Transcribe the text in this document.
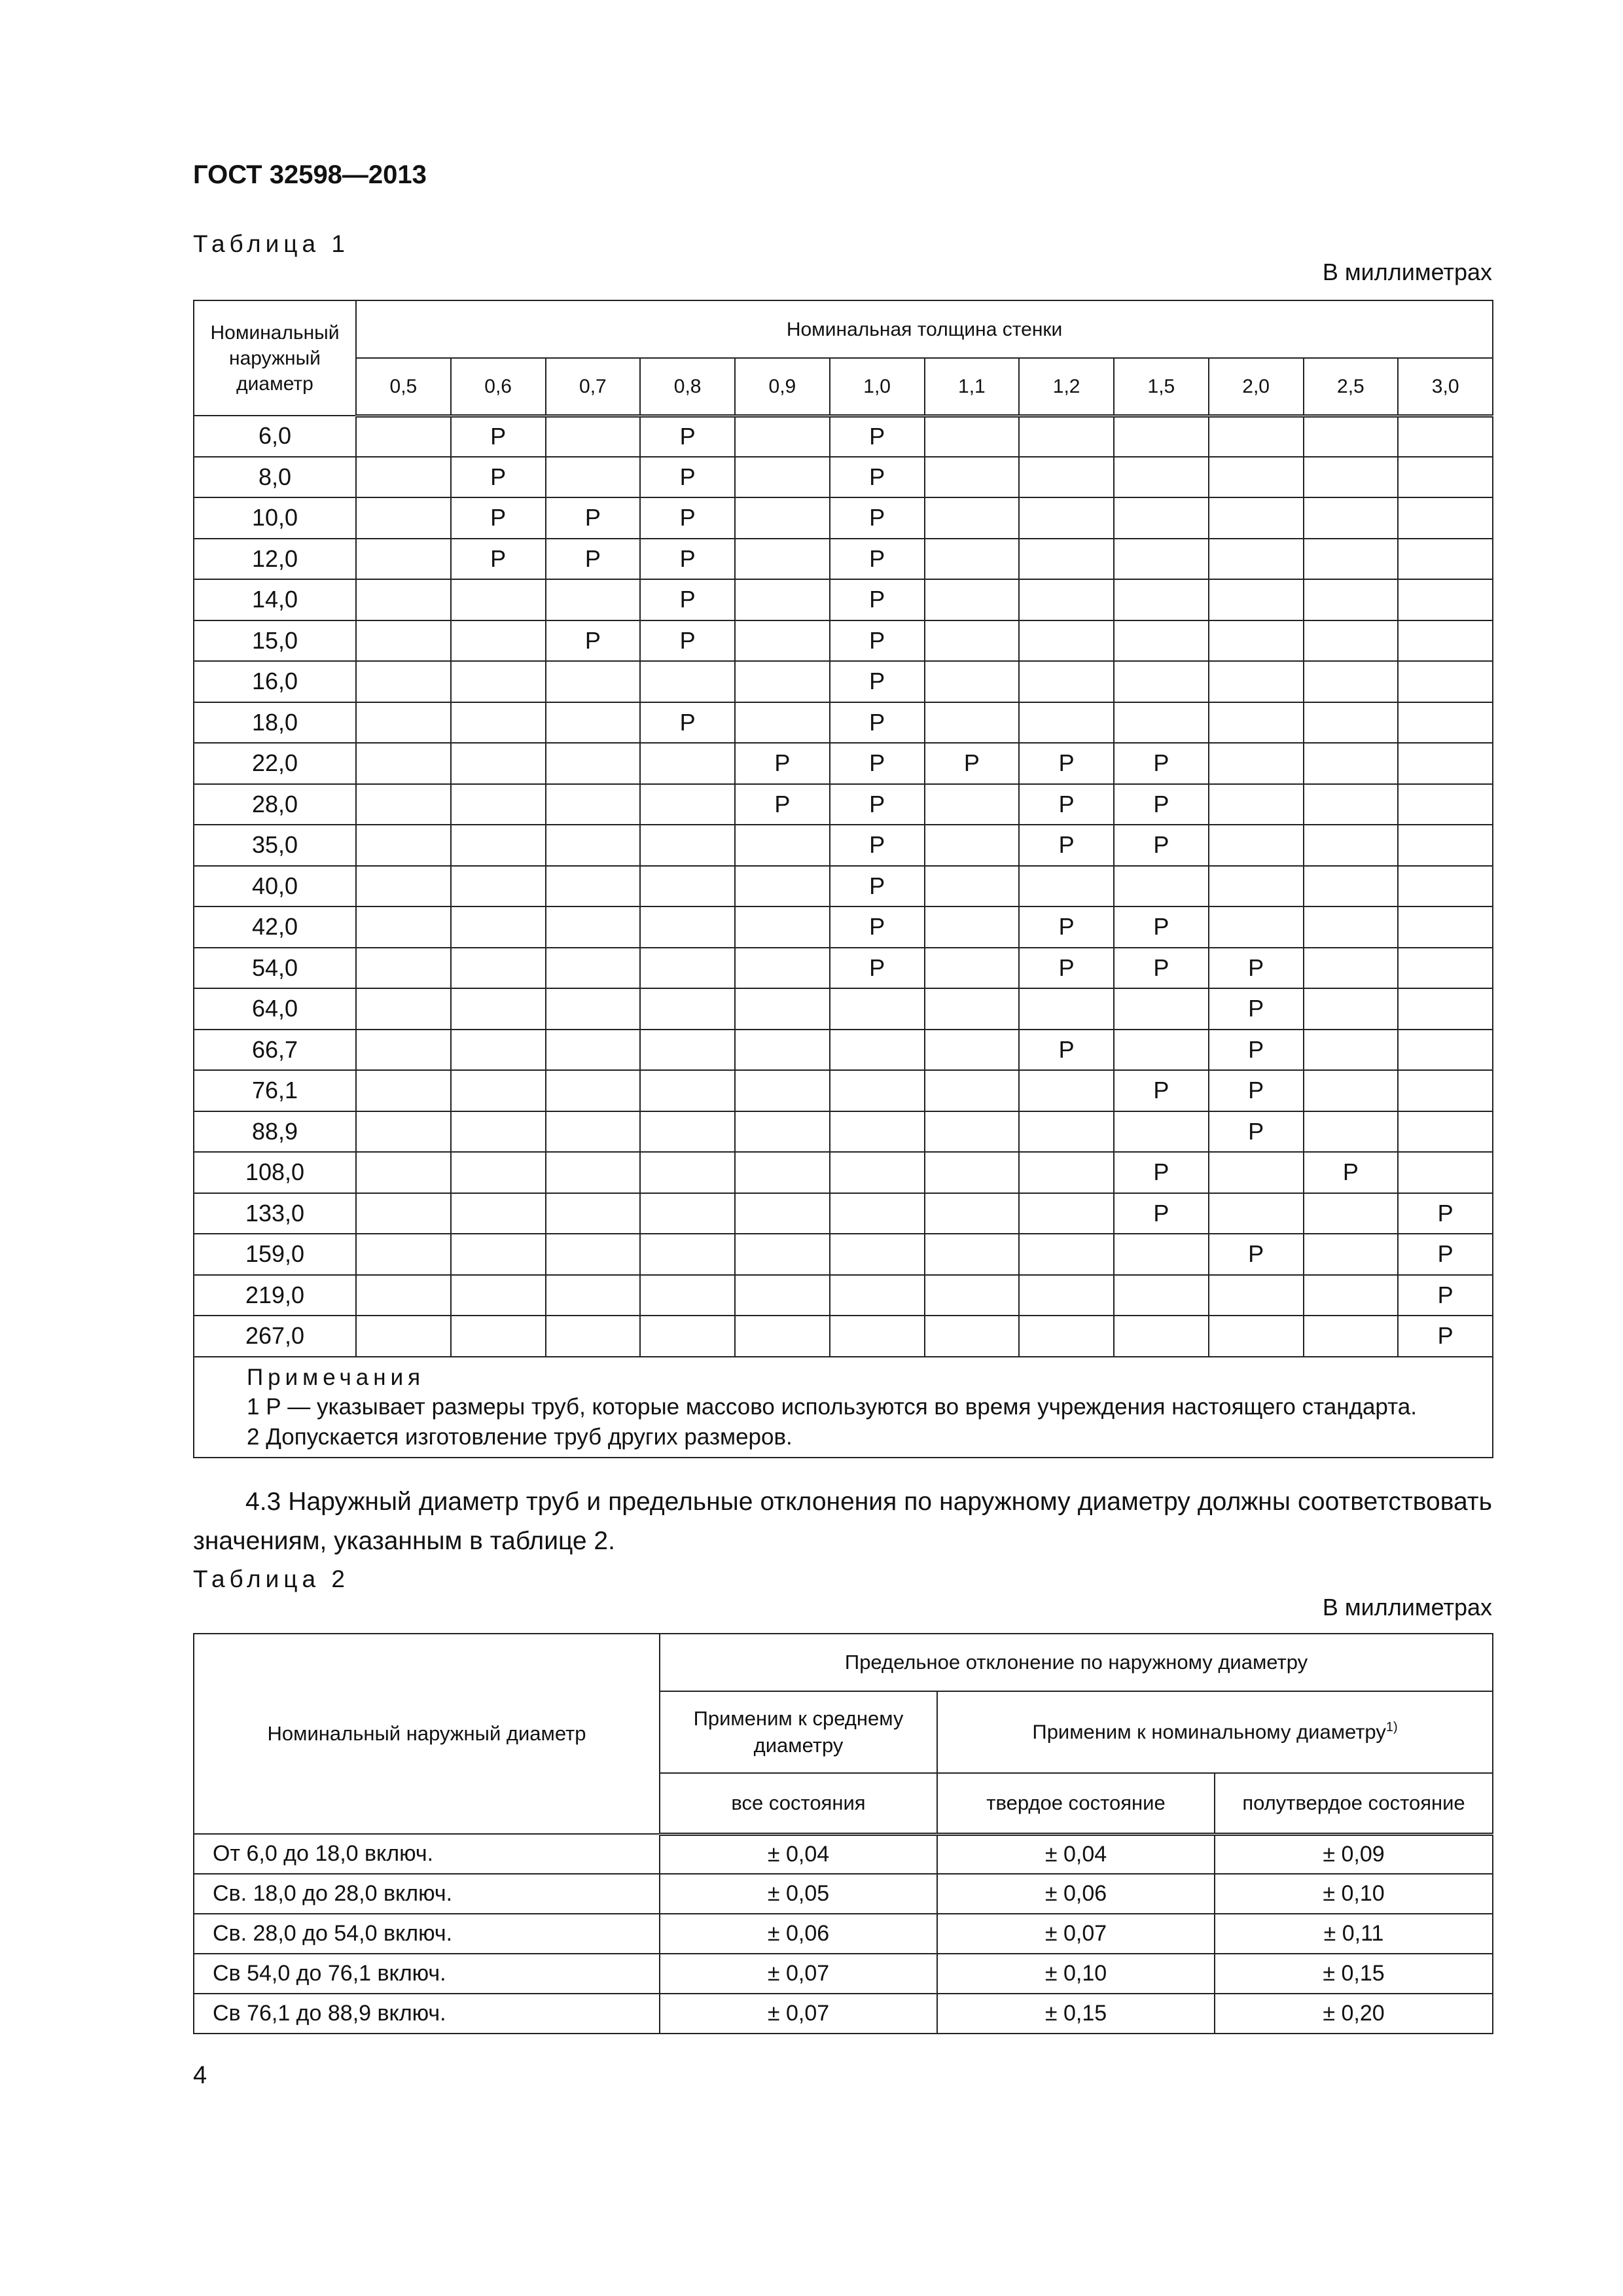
ГОСТ 32598—2013
Таблица 1
В миллиметрах
Номинальный наружный диаметр	Номинальная толщина стенки											
	0,5	0,6	0,7	0,8	0,9	1,0	1,1	1,2	1,5	2,0	2,5	3,0
6,0		P		P		P						
8,0		P		P		P						
10,0		P	P	P		P						
12,0		P	P	P		P						
14,0				P		P						
15,0			P	P		P						
16,0						P						
18,0				P		P						
22,0					P	P	P	P	P			
28,0					P	P		P	P			
35,0						P		P	P			
40,0						P						
42,0						P		P	P			
54,0						P		P	P	P		
64,0										P		
66,7								P		P		
76,1									P	P		
88,9										P		
108,0									P		P	
133,0									P			P
159,0										P		P
219,0												P
267,0												P

Примечания
1 Р — указывает размеры труб, которые массово используются во время учреждения настоящего стандарта.
2 Допускается изготовление труб других размеров.												
4.3 Наружный диаметр труб и предельные отклонения по наружному диаметру должны соответствовать значениям, указанным в таблице 2.
Таблица 2
В миллиметрах
Номинальный наружный диаметр	Предельное отклонение по наружному диаметру		
	Применим к среднему диаметру	Применим к номинальному диаметру$^{1)}$
	все состояния	твердое состояние	полутвердое состояние
От 6,0 до 18,0 включ.	± 0,04	± 0,04	± 0,09
Св. 18,0 до 28,0 включ.	± 0,05	± 0,06	± 0,10
Св. 28,0 до 54,0 включ.	± 0,06	± 0,07	± 0,11
Св 54,0 до 76,1 включ.	± 0,07	± 0,10	± 0,15
Св 76,1 до 88,9 включ.	± 0,07	± 0,15	± 0,20
4
